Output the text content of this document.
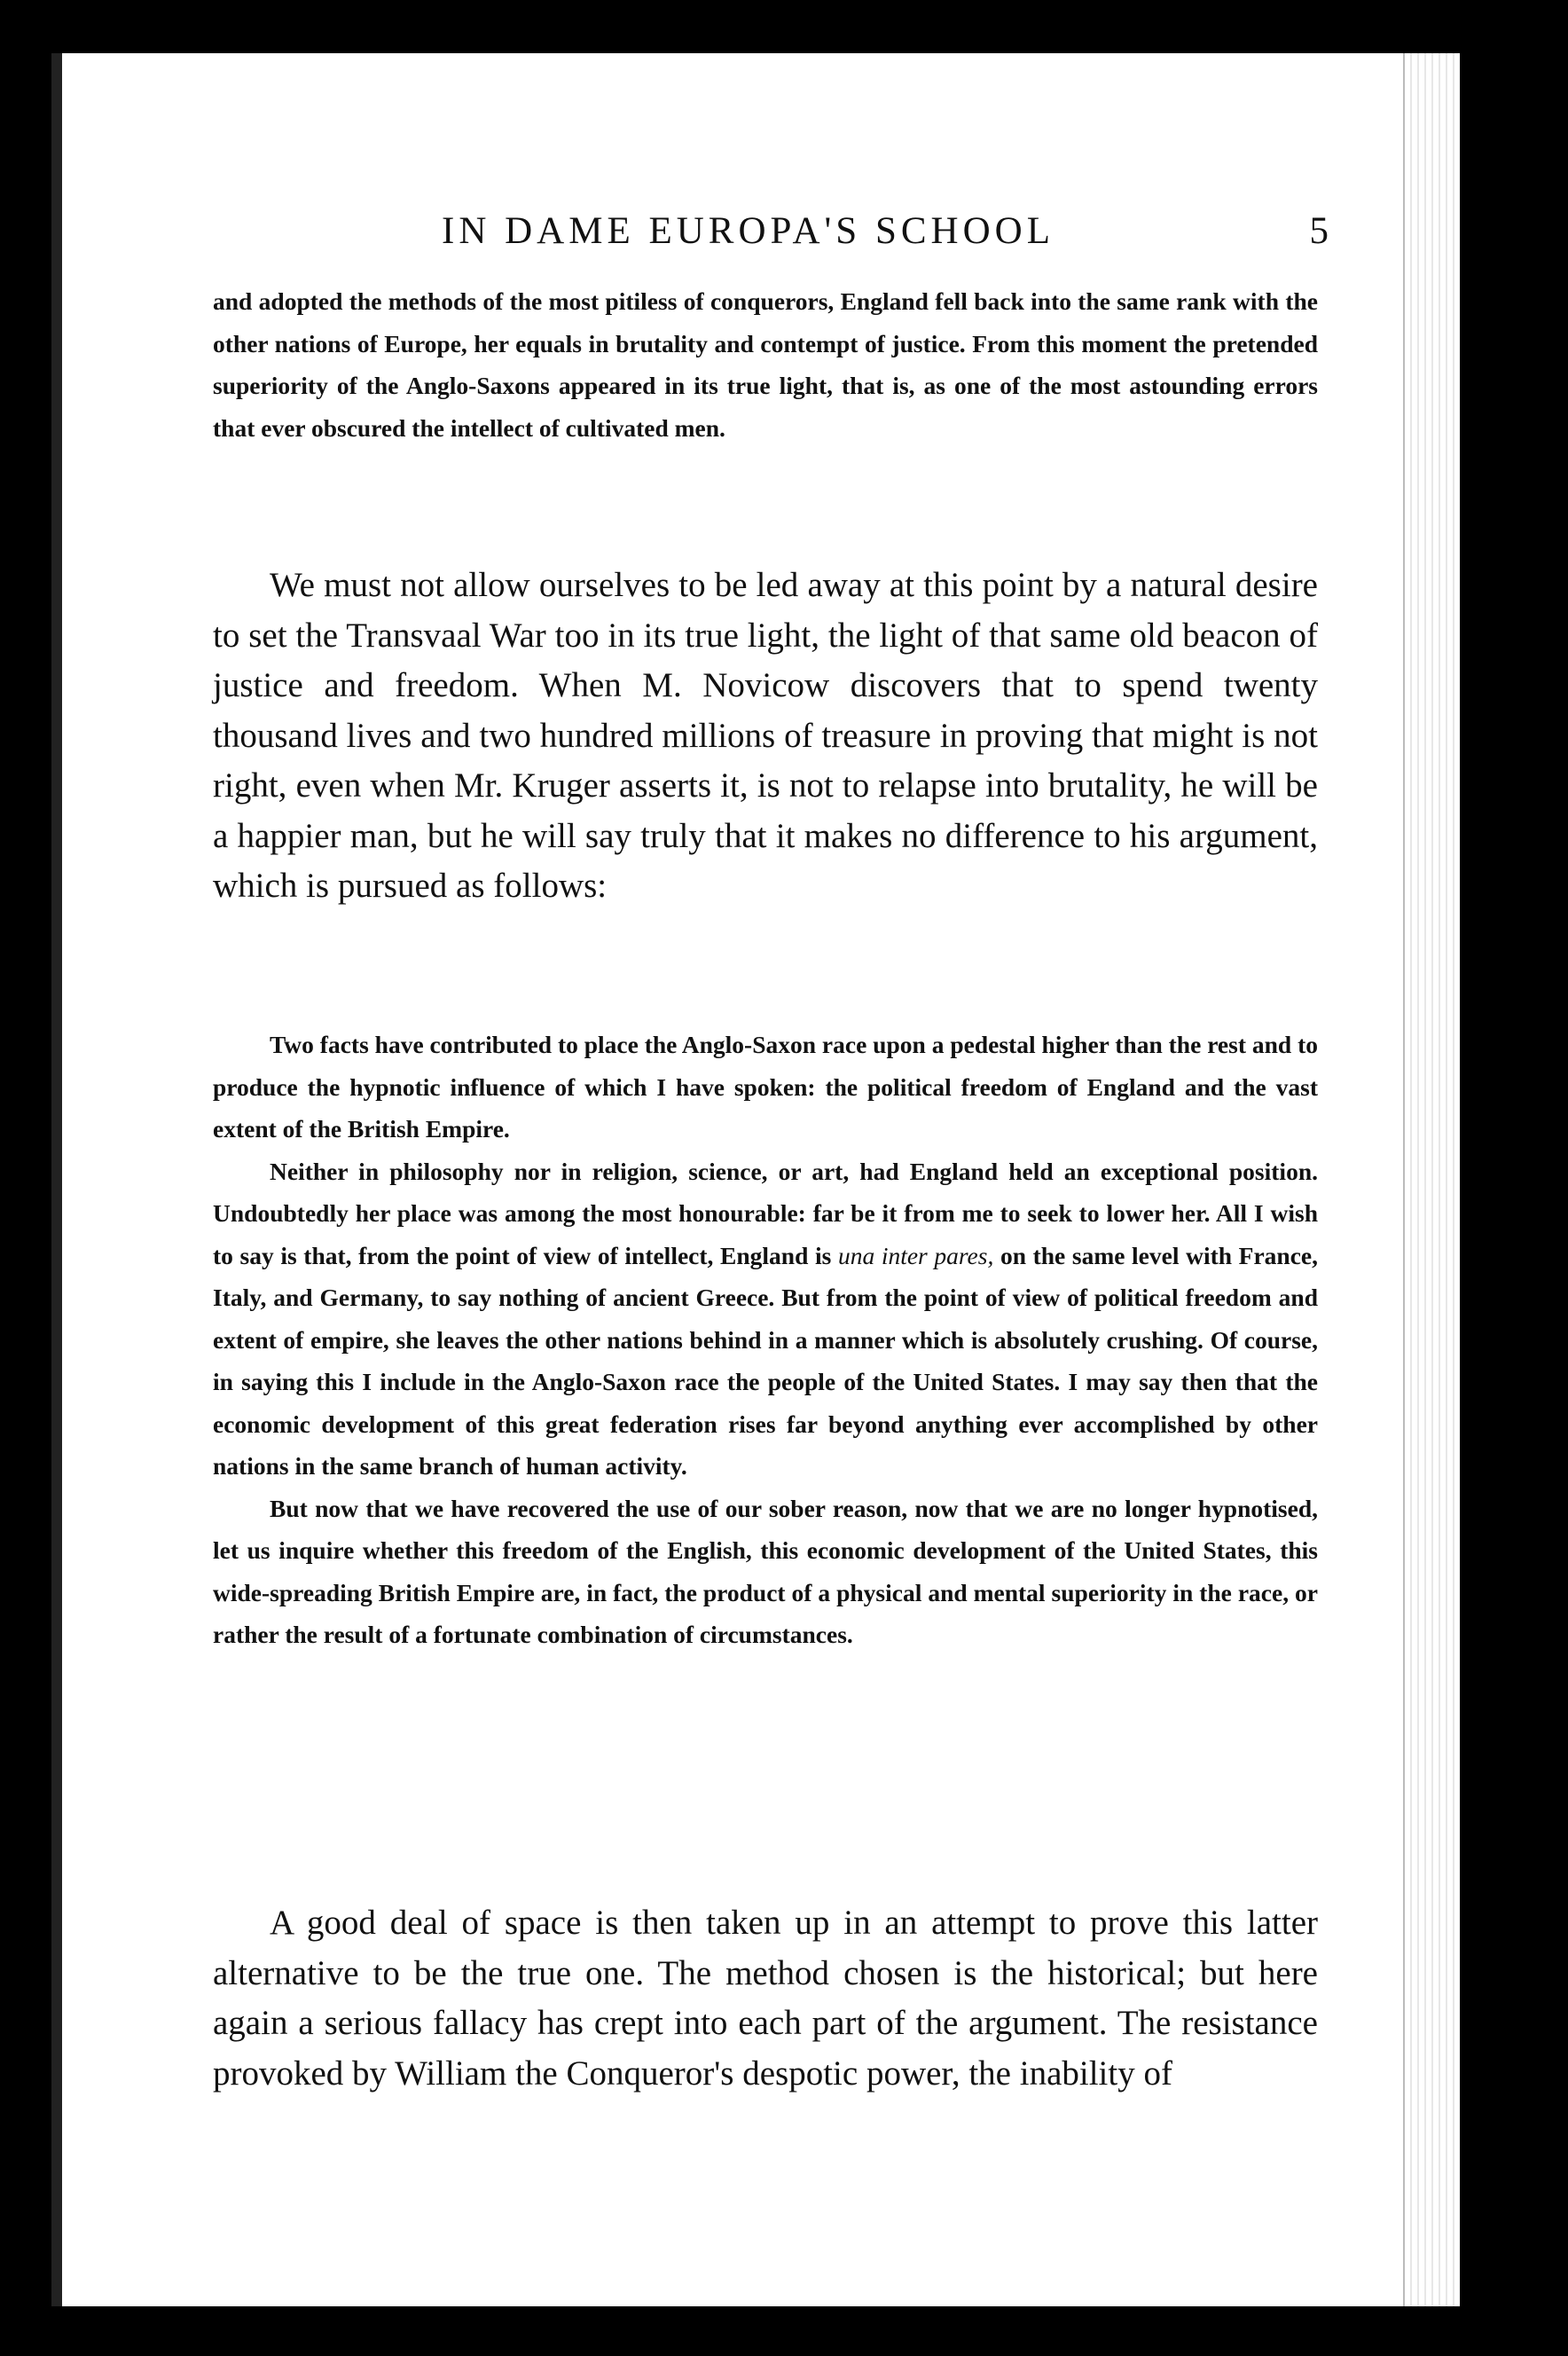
IN DAME EUROPA'S SCHOOL	5

and adopted the methods of the most pitiless of conquerors, England fell back into the same rank with the other nations of Europe, her equals in brutality and contempt of justice. From this moment the pretended superiority of the Anglo-Saxons appeared in its true light, that is, as one of the most astounding errors that ever obscured the intellect of cultivated men.

We must not allow ourselves to be led away at this point by a natural desire to set the Transvaal War too in its true light, the light of that same old beacon of justice and freedom. When M. Novicow discovers that to spend twenty thousand lives and two hundred millions of treasure in proving that might is not right, even when Mr. Kruger asserts it, is not to relapse into brutality, he will be a happier man, but he will say truly that it makes no difference to his argument, which is pursued as follows:

Two facts have contributed to place the Anglo-Saxon race upon a pedestal higher than the rest and to produce the hypnotic influence of which I have spoken: the political freedom of England and the vast extent of the British Empire.

Neither in philosophy nor in religion, science, or art, had England held an exceptional position. Undoubtedly her place was among the most honourable: far be it from me to seek to lower her. All I wish to say is that, from the point of view of intellect, England is una inter pares, on the same level with France, Italy, and Germany, to say nothing of ancient Greece. But from the point of view of political freedom and extent of empire, she leaves the other nations behind in a manner which is absolutely crushing. Of course, in saying this I include in the Anglo-Saxon race the people of the United States. I may say then that the economic development of this great federation rises far beyond anything ever accomplished by other nations in the same branch of human activity.

But now that we have recovered the use of our sober reason, now that we are no longer hypnotised, let us inquire whether this freedom of the English, this economic development of the United States, this wide-spreading British Empire are, in fact, the product of a physical and mental superiority in the race, or rather the result of a fortunate combination of circumstances.

A good deal of space is then taken up in an attempt to prove this latter alternative to be the true one. The method chosen is the historical; but here again a serious fallacy has crept into each part of the argument. The resistance provoked by William the Conqueror's despotic power, the inability of
